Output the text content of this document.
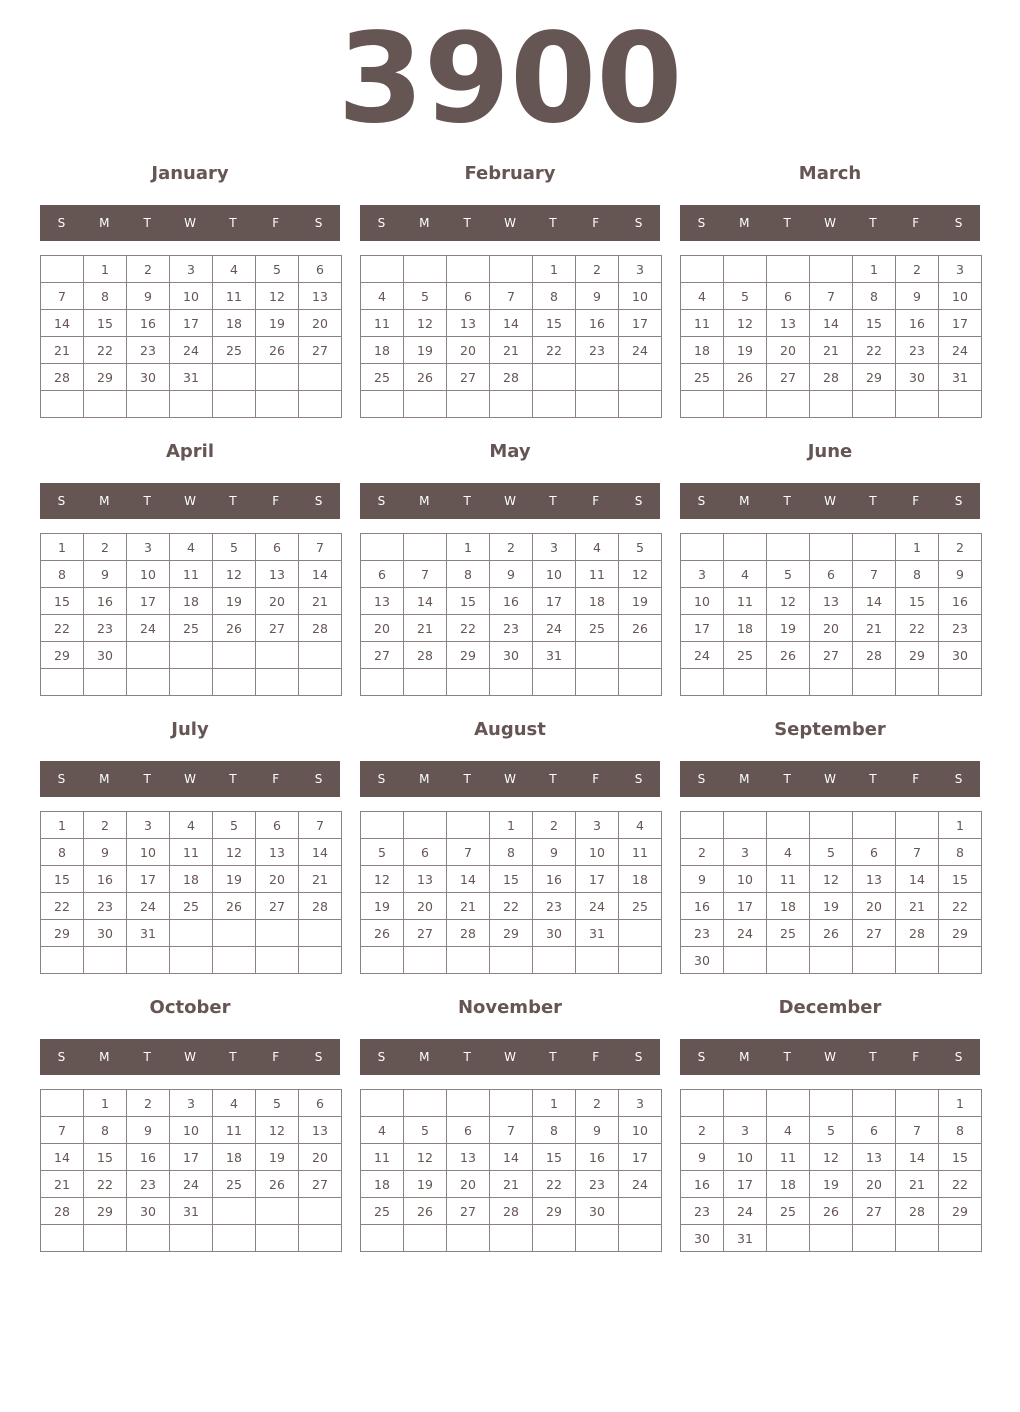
3900
January
S	M	T	W	T	F	S
	1	2	3	4	5	6
7	8	9	10	11	12	13
14	15	16	17	18	19	20
21	22	23	24	25	26	27
28	29	30	31			

February
S	M	T	W	T	F	S
				1	2	3
4	5	6	7	8	9	10
11	12	13	14	15	16	17
18	19	20	21	22	23	24
25	26	27	28			

March
S	M	T	W	T	F	S
				1	2	3
4	5	6	7	8	9	10
11	12	13	14	15	16	17
18	19	20	21	22	23	24
25	26	27	28	29	30	31

April
S	M	T	W	T	F	S
1	2	3	4	5	6	7
8	9	10	11	12	13	14
15	16	17	18	19	20	21
22	23	24	25	26	27	28
29	30					

May
S	M	T	W	T	F	S
		1	2	3	4	5
6	7	8	9	10	11	12
13	14	15	16	17	18	19
20	21	22	23	24	25	26
27	28	29	30	31		

June
S	M	T	W	T	F	S
					1	2
3	4	5	6	7	8	9
10	11	12	13	14	15	16
17	18	19	20	21	22	23
24	25	26	27	28	29	30

July
S	M	T	W	T	F	S
1	2	3	4	5	6	7
8	9	10	11	12	13	14
15	16	17	18	19	20	21
22	23	24	25	26	27	28
29	30	31				

August
S	M	T	W	T	F	S
			1	2	3	4
5	6	7	8	9	10	11
12	13	14	15	16	17	18
19	20	21	22	23	24	25
26	27	28	29	30	31	

September
S	M	T	W	T	F	S
						1
2	3	4	5	6	7	8
9	10	11	12	13	14	15
16	17	18	19	20	21	22
23	24	25	26	27	28	29
30						
October
S	M	T	W	T	F	S
	1	2	3	4	5	6
7	8	9	10	11	12	13
14	15	16	17	18	19	20
21	22	23	24	25	26	27
28	29	30	31			

November
S	M	T	W	T	F	S
				1	2	3
4	5	6	7	8	9	10
11	12	13	14	15	16	17
18	19	20	21	22	23	24
25	26	27	28	29	30	

December
S	M	T	W	T	F	S
						1
2	3	4	5	6	7	8
9	10	11	12	13	14	15
16	17	18	19	20	21	22
23	24	25	26	27	28	29
30	31					
